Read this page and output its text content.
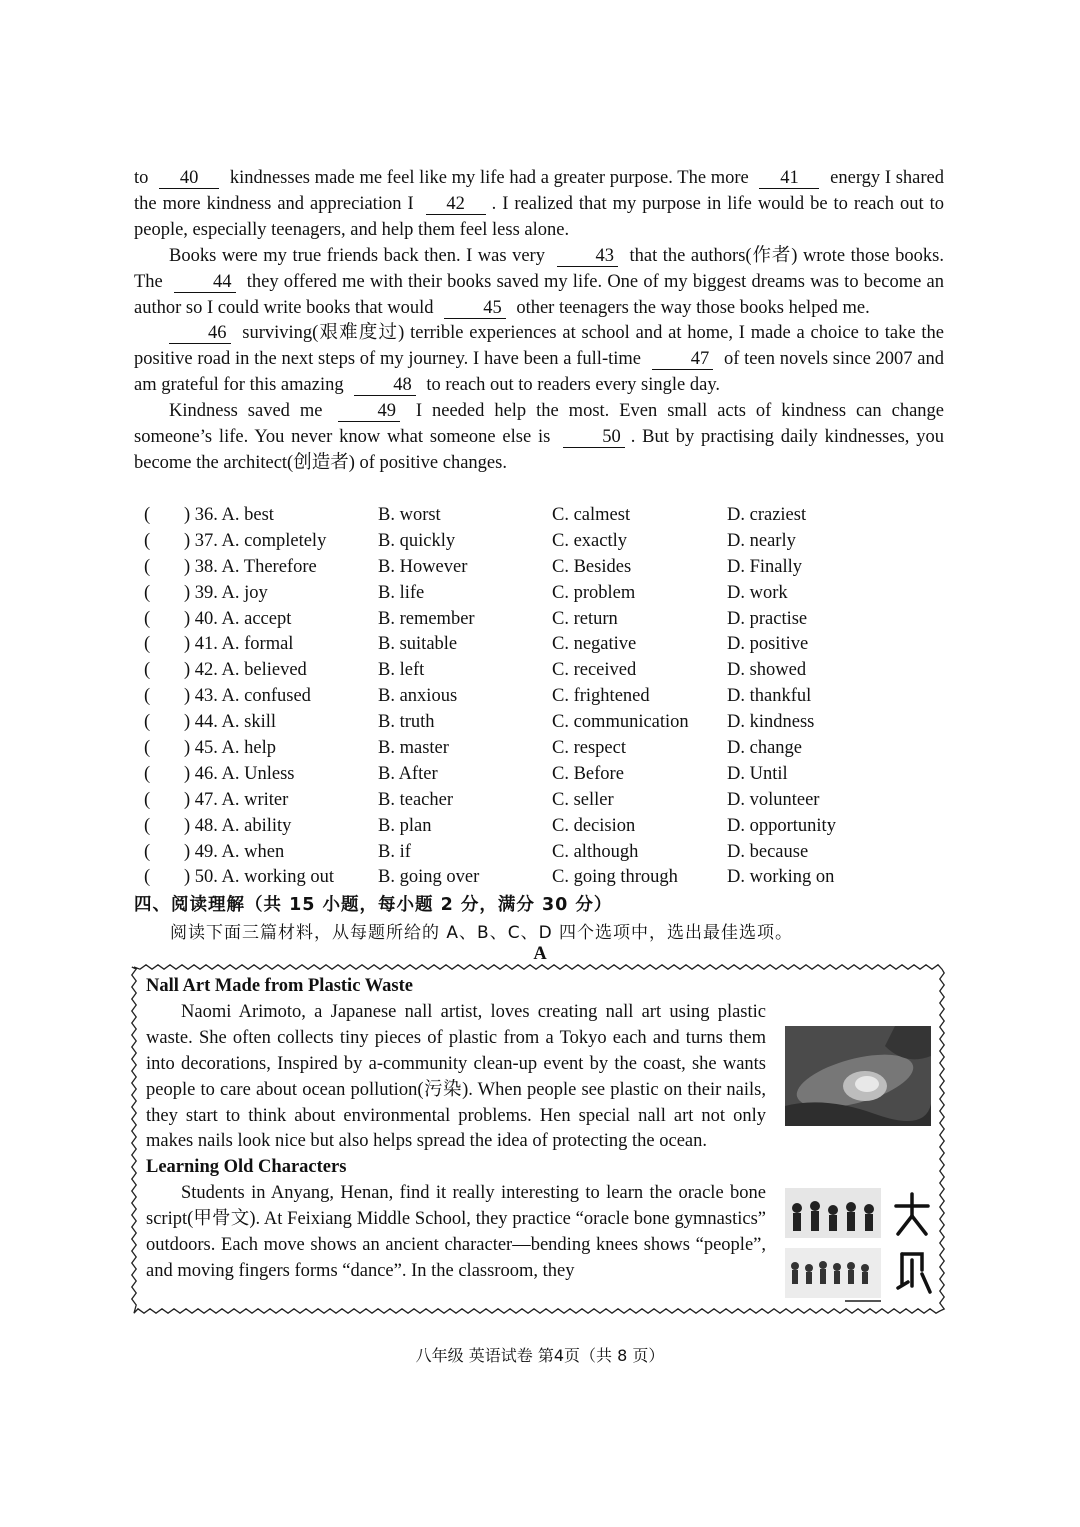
to 40 kindnesses made me feel like my life had a greater purpose. The more 41 energy I shared the more kindness and appreciation I 42 . I realized that my purpose in life would be to reach out to people, especially teenagers, and help them feel less alone.

Books were my true friends back then. I was very 43 that the authors(作者) wrote those books. The 44 they offered me with their books saved my life. One of my biggest dreams was to become an author so I could write books that would 45 other teenagers the way those books helped me.

46 surviving(艰难度过) terrible experiences at school and at home, I made a choice to take the positive road in the next steps of my journey. I have been a full-time 47 of teen novels since 2007 and am grateful for this amazing 48 to reach out to readers every single day.

Kindness saved me 49 I needed help the most. Even small acts of kindness can change someone’s life. You never know what someone else is 50 . But by practising daily kindnesses, you become the architect(创造者) of positive changes.

(	) 36. A. best	B. worst	C. calmest	D. craziest
(	) 37. A. completely	B. quickly	C. exactly	D. nearly
(	) 38. A. Therefore	B. However	C. Besides	D. Finally
(	) 39. A. joy	B. life	C. problem	D. work
(	) 40. A. accept	B. remember	C. return	D. practise
(	) 41. A. formal	B. suitable	C. negative	D. positive
(	) 42. A. believed	B. left	C. received	D. showed
(	) 43. A. confused	B. anxious	C. frightened	D. thankful
(	) 44. A. skill	B. truth	C. communication	D. kindness
(	) 45. A. help	B. master	C. respect	D. change
(	) 46. A. Unless	B. After	C. Before	D. Until
(	) 47. A. writer	B. teacher	C. seller	D. volunteer
(	) 48. A. ability	B. plan	C. decision	D. opportunity
(	) 49. A. when	B. if	C. although	D. because
(	) 50. A. working out	B. going over	C. going through	D. working on
四、阅读理解（共 15 小题，每小题 2 分，满分 30 分）
阅读下面三篇材料，从每题所给的 A、B、C、D 四个选项中，选出最佳选项。
A

Nall Art Made from Plastic Waste

Naomi Arimoto, a Japanese nall artist, loves creating nall art using plastic waste. She often collects tiny pieces of plastic from a Tokyo each and turns them into decorations, Inspired by a-community clean-up event by the coast, she wants people to care about ocean pollution(污染). When people see plastic on their nails, they start to think about environmental problems. Hen special nall art not only makes nails look nice but also helps spread the idea of protecting the ocean.

Learning Old Characters

Students in Anyang, Henan, find it really interesting to learn the oracle bone script(甲骨文). At Feixiang Middle School, they practice “oracle bone gymnastics” outdoors. Each move shows an ancient character—bending knees shows “people”, and moving fingers forms “dance”. In the classroom, they

八年级 英语试卷 第4页（共 8 页）
